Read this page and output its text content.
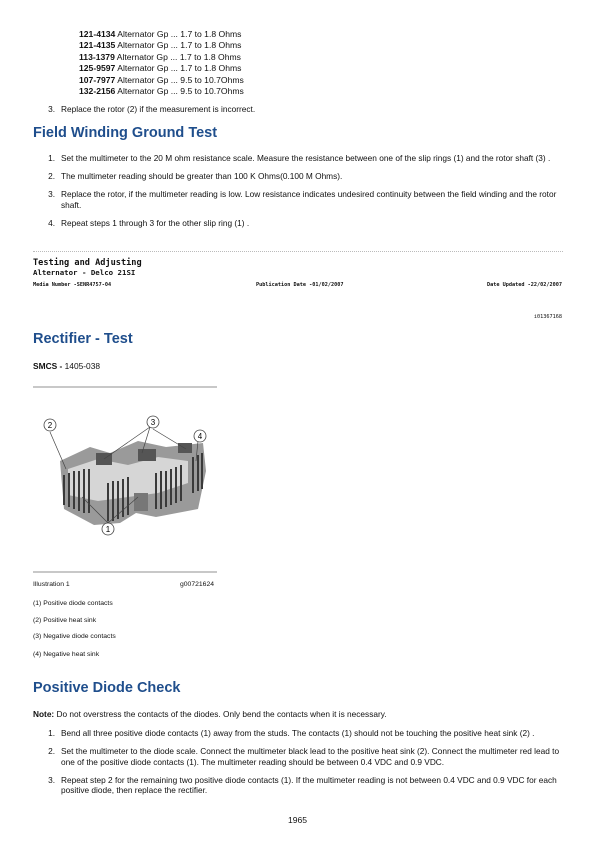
121-4134 Alternator Gp ... 1.7 to 1.8 Ohms
121-4135 Alternator Gp ... 1.7 to 1.8 Ohms
113-1379 Alternator Gp ... 1.7 to 1.8 Ohms
125-9597 Alternator Gp ... 1.7 to 1.8 Ohms
107-7977 Alternator Gp ... 9.5 to 10.7Ohms
132-2156 Alternator Gp ... 9.5 to 10.7Ohms
3. Replace the rotor (2) if the measurement is incorrect.
Field Winding Ground Test
1. Set the multimeter to the 20 M ohm resistance scale. Measure the resistance between one of the slip rings (1) and the rotor shaft (3) .
2. The multimeter reading should be greater than 100 K Ohms(0.100 M Ohms).
3. Replace the rotor, if the multimeter reading is low. Low resistance indicates undesired continuity between the field winding and the rotor shaft.
4. Repeat steps 1 through 3 for the other slip ring (1) .
Testing and Adjusting
Alternator - Delco 21SI
Media Number -SENR4757-04	Publication Date -01/02/2007	Date Updated -22/02/2007
i01367168
Rectifier - Test
SMCS - 1405-038
2	3
4
1
Illustration 1	g00721624
(1) Positive diode contacts
(2) Positive heat sink
(3) Negative diode contacts
(4) Negative heat sink
Positive Diode Check
Note: Do not overstress the contacts of the diodes. Only bend the contacts when it is necessary.
1. Bend all three positive diode contacts (1) away from the studs. The contacts (1) should not be touching the positive heat sink (2) .
2. Set the multimeter to the diode scale. Connect the multimeter black lead to the positive heat sink (2). Connect the multimeter red lead to one of the positive diode contacts (1). The multimeter reading should be between 0.4 VDC and 0.9 VDC.
3. Repeat step 2 for the remaining two positive diode contacts (1). If the multimeter reading is not between 0.4 VDC and 0.9 VDC for each positive diode, then replace the rectifier.
1965
